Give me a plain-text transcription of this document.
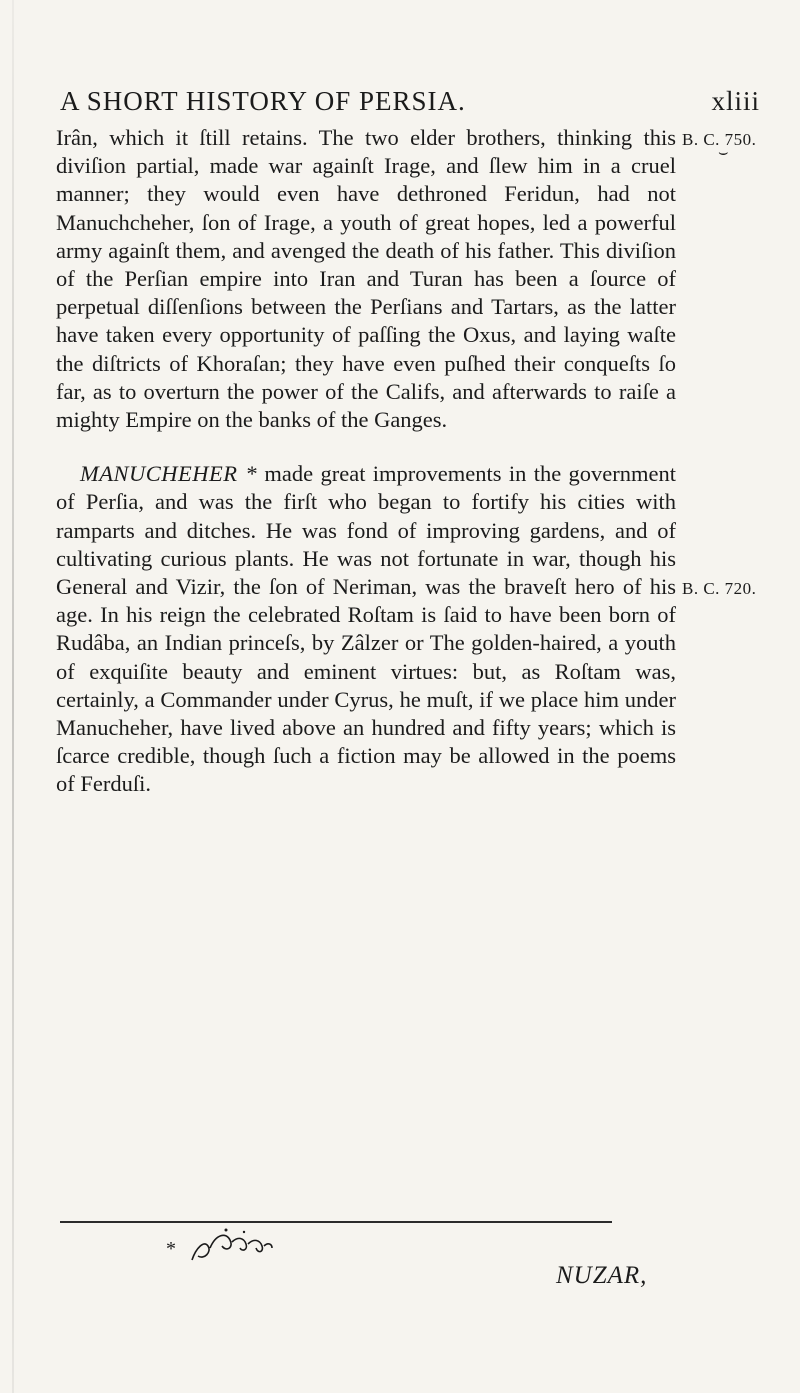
A SHORT HISTORY OF PERSIA.	xliii
B. C. 750.
⌣
B. C. 720.

Irân, which it ſtill retains. The two elder brothers, thinking this diviſion partial, made war againſt Irage, and ſlew him in a cruel manner; they would even have dethroned Feridun, had not Manuchcheher, ſon of Irage, a youth of great hopes, led a powerful army againſt them, and avenged the death of his father. This diviſion of the Perſian empire into Iran and Turan has been a ſource of perpetual diſſenſions between the Perſians and Tartars, as the latter have taken every opportunity of paſſing the Oxus, and laying waſte the diſtricts of Khoraſan; they have even puſhed their conqueſts ſo far, as to overturn the power of the Califs, and afterwards to raiſe a mighty Empire on the banks of the Ganges.

MANUCHEHER * made great improvements in the government of Perſia, and was the firſt who began to fortify his cities with ramparts and ditches. He was fond of improving gardens, and of cultivating curious plants. He was not fortunate in war, though his General and Vizir, the ſon of Neriman, was the braveſt hero of his age. In his reign the celebrated Roſtam is ſaid to have been born of Rudâba, an Indian princeſs, by Zâlzer or The golden-haired, a youth of exquiſite beauty and eminent virtues: but, as Roſtam was, certainly, a Commander under Cyrus, he muſt, if we place him under Manucheher, have lived above an hundred and fifty years; which is ſcarce credible, though ſuch a fiction may be allowed in the poems of Ferduſi.

*
NUZAR,
